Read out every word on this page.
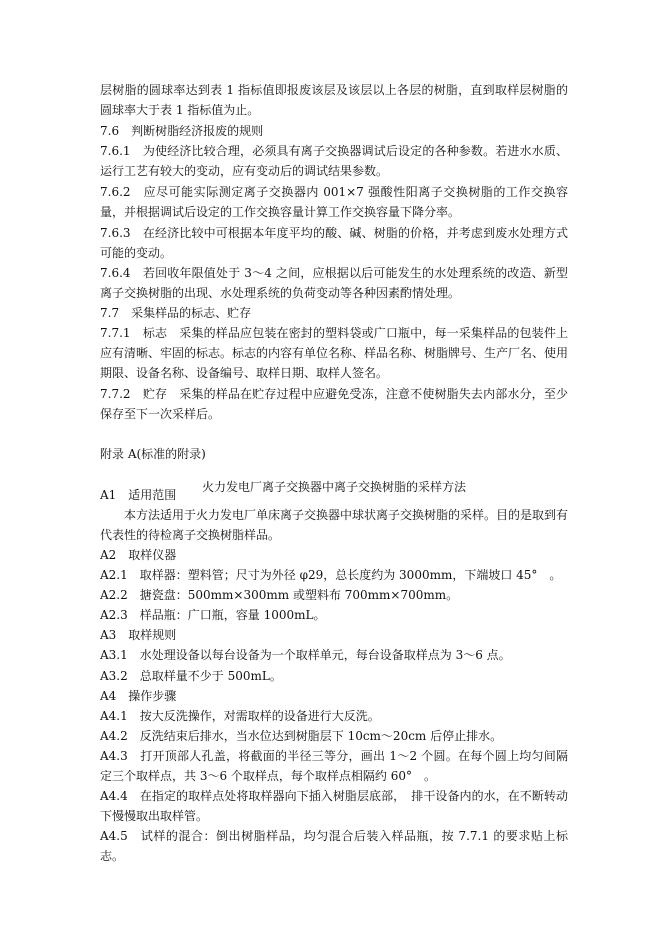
层树脂的圆球率达到表 1 指标值即报废该层及该层以上各层的树脂，直到取样层树脂的圆球率大于表 1 指标值为止。

7.6　判断树脂经济报废的规则

7.6.1　为使经济比较合理，必须具有离子交换器调试后设定的各种参数。若进水水质、运行工艺有较大的变动，应有变动后的调试结果参数。

7.6.2　应尽可能实际测定离子交换器内 001×7 强酸性阳离子交换树脂的工作交换容量，并根据调试后设定的工作交换容量计算工作交换容量下降分率。

7.6.3　在经济比较中可根据本年度平均的酸、碱、树脂的价格，并考虑到废水处理方式可能的变动。

7.6.4　若回收年限值处于 3～4 之间，应根据以后可能发生的水处理系统的改造、新型离子交换树脂的出现、水处理系统的负荷变动等各种因素酌情处理。

7.7　采集样品的标志、贮存

7.7.1　标志　采集的样品应包装在密封的塑料袋或广口瓶中，每一采集样品的包装件上应有清晰、牢固的标志。标志的内容有单位名称、样品名称、树脂牌号、生产厂名、使用期限、设备名称、设备编号、取样日期、取样人签名。

7.7.2　贮存　采集的样品在贮存过程中应避免受冻，注意不使树脂失去内部水分，至少保存至下一次采样后。

附录 A(标准的附录)

火力发电厂离子交换器中离子交换树脂的采样方法

A1　适用范围

本方法适用于火力发电厂单床离子交换器中球状离子交换树脂的采样。目的是取到有代表性的待检离子交换树脂样品。

A2　取样仪器

A2.1　取样器：塑料管；尺寸为外径 φ29，总长度约为 3000mm，下端坡口 45°　。

A2.2　搪瓷盘：500mm×300mm 或塑料布 700mm×700mm。

A2.3　样品瓶：广口瓶，容量 1000mL。

A3　取样规则

A3.1　水处理设备以每台设备为一个取样单元，每台设备取样点为 3～6 点。

A3.2　总取样量不少于 500mL。

A4　操作步骤

A4.1　按大反洗操作，对需取样的设备进行大反洗。

A4.2　反洗结束后排水，当水位达到树脂层下 10cm～20cm 后停止排水。

A4.3　打开顶部人孔盖，将截面的半径三等分，画出 1～2 个圆。在每个圆上均匀间隔定三个取样点，共 3～6 个取样点，每个取样点相隔约 60°　。

A4.4　在指定的取样点处将取样器向下插入树脂层底部，　排干设备内的水，在不断转动下慢慢取出取样管。

A4.5　试样的混合：倒出树脂样品，均匀混合后装入样品瓶，按 7.7.1 的要求贴上标志。
